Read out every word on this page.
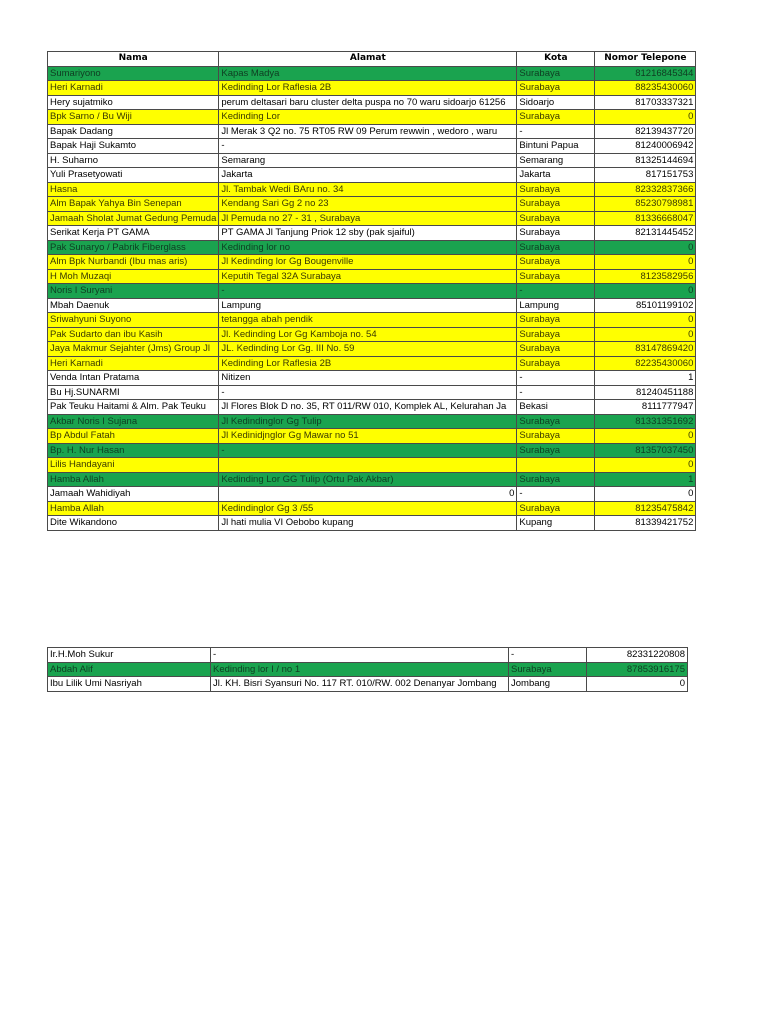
Nama	Alamat	Kota	Nomor Telepone
Sumariyono	Kapas Madya	Surabaya	81216845344
Heri Karnadi	Kedinding Lor Raflesia 2B	Surabaya	88235430060
Hery sujatmiko	perum deltasari baru cluster delta puspa no 70 waru sidoarjo 61256	Sidoarjo	81703337321
Bpk Sarno / Bu Wiji	Kedinding Lor	Surabaya	0
Bapak Dadang	Jl Merak 3 Q2 no. 75 RT05 RW 09 Perum rewwin , wedoro , waru	-	82139437720
Bapak Haji Sukamto	-	Bintuni Papua	81240006942
H. Suharno	Semarang	Semarang	81325144694
Yuli Prasetyowati	Jakarta	Jakarta	817151753
Hasna	Jl. Tambak Wedi BAru no. 34	Surabaya	82332837366
Alm Bapak Yahya Bin Senepan	Kendang Sari Gg 2 no 23	Surabaya	85230798981
Jamaah Sholat Jumat Gedung Pemuda	Jl Pemuda no 27 - 31 , Surabaya	Surabaya	81336668047
Serikat Kerja PT GAMA	PT GAMA Jl Tanjung Priok 12 sby (pak sjaiful)	Surabaya	82131445452
Pak Sunaryo / Pabrik Fiberglass	Kedinding lor no	Surabaya	0
Alm Bpk Nurbandi (Ibu mas aris)	Jl Kedinding lor Gg Bougenville	Surabaya	0
H Moh Muzaqi	Keputih Tegal 32A Surabaya	Surabaya	8123582956
Noris I Suryani	-	-	0
Mbah Daenuk	Lampung	Lampung	85101199102
Sriwahyuni Suyono	tetangga abah pendik	Surabaya	0
Pak Sudarto dan ibu Kasih	Jl. Kedinding Lor Gg Kamboja no. 54	Surabaya	0
Jaya Makmur Sejahter (Jms) Group Jl	JL. Kedinding Lor Gg. III No. 59	Surabaya	83147869420
Heri Karnadi	Kedinding Lor Raflesia 2B	Surabaya	82235430060
Venda Intan Pratama	Nitizen	-	1
Bu Hj.SUNARMI	-	-	81240451188
Pak Teuku Haitami & Alm. Pak Teuku	Jl Flores Blok D no. 35, RT 011/RW 010, Komplek AL, Kelurahan Ja	Bekasi	8111777947
Akbar Noris I Sujana	Jl Kedindinglor Gg Tulip	Surabaya	81331351692
Bp Abdul Fatah	Jl Kedinidjnglor Gg Mawar no 51	Surabaya	0
Bp. H. Nur Hasan	-	Surabaya	81357037450
Lilis Handayani			0
Hamba Allah	Kedinding Lor GG Tulip (Ortu Pak Akbar)	Surabaya	1
Jamaah Wahidiyah	0	-	0
Hamba Allah	Kedindinglor Gg 3 /55	Surabaya	81235475842
Dite Wikandono	Jl hati mulia VI Oebobo kupang	Kupang	81339421752
Ir.H.Moh Sukur	-	-	82331220808
Abdah Alif	Kedinding lor I / no 1	Surabaya	87853916175
Ibu Lilik Umi Nasriyah	Jl. KH. Bisri Syansuri No. 117 RT. 010/RW. 002 Denanyar Jombang	Jombang	0
